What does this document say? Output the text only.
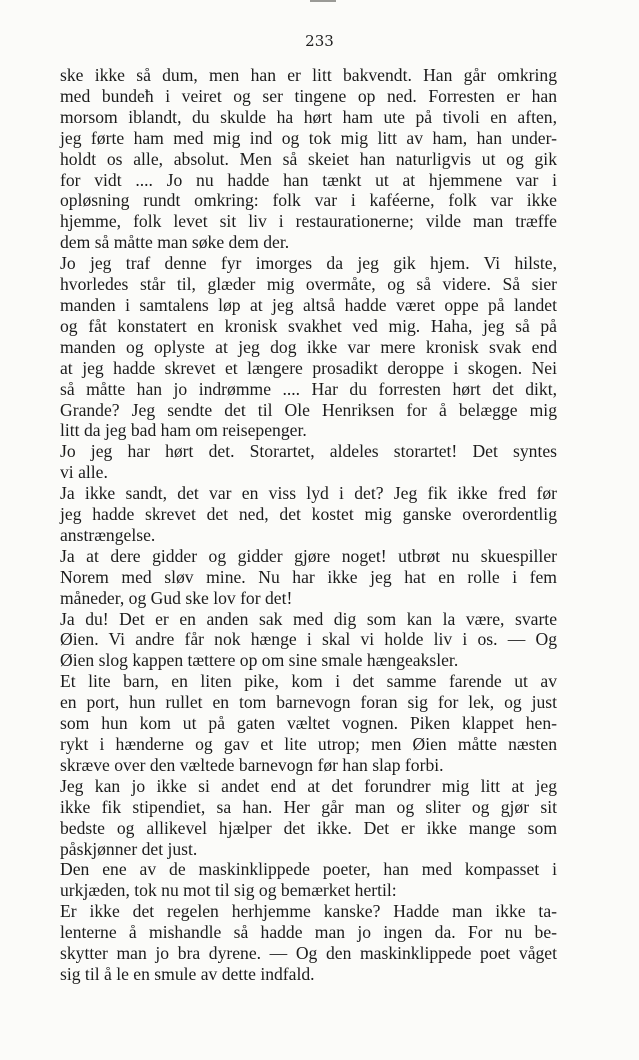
233

ske ikke så dum, men han er litt bakvendt. Han går omkring
med bundeħ i veiret og ser tingene op ned. Forresten er han
morsom iblandt, du skulde ha hørt ham ute på tivoli en aften,
jeg førte ham med mig ind og tok mig litt av ham, han under-
holdt os alle, absolut. Men så skeiet han naturligvis ut og gik
for vidt .... Jo nu hadde han tænkt ut at hjemmene var i
opløsning rundt omkring: folk var i kaféerne, folk var ikke
hjemme, folk levet sit liv i restaurationerne; vilde man træffe
dem så måtte man søke dem der.

Jo jeg traf denne fyr imorges da jeg gik hjem. Vi hilste,
hvorledes står til, glæder mig overmåte, og så videre. Så sier
manden i samtalens løp at jeg altså hadde været oppe på landet
og fåt konstatert en kronisk svakhet ved mig. Haha, jeg så på
manden og oplyste at jeg dog ikke var mere kronisk svak end
at jeg hadde skrevet et længere prosadikt deroppe i skogen. Nei
så måtte han jo indrømme .... Har du forresten hørt det dikt,
Grande? Jeg sendte det til Ole Henriksen for å belægge mig
litt da jeg bad ham om reisepenger.

Jo jeg har hørt det. Storartet, aldeles storartet! Det syntes
vi alle.

Ja ikke sandt, det var en viss lyd i det? Jeg fik ikke fred før
jeg hadde skrevet det ned, det kostet mig ganske overordentlig
anstrængelse.

Ja at dere gidder og gidder gjøre noget! utbrøt nu skuespiller
Norem med sløv mine. Nu har ikke jeg hat en rolle i fem
måneder, og Gud ske lov for det!

Ja du! Det er en anden sak med dig som kan la være, svarte
Øien. Vi andre får nok hænge i skal vi holde liv i os. — Og
Øien slog kappen tættere op om sine smale hængeaksler.

Et lite barn, en liten pike, kom i det samme farende ut av
en port, hun rullet en tom barnevogn foran sig for lek, og just
som hun kom ut på gaten væltet vognen. Piken klappet hen-
rykt i hænderne og gav et lite utrop; men Øien måtte næsten
skræve over den væltede barnevogn før han slap forbi.

Jeg kan jo ikke si andet end at det forundrer mig litt at jeg
ikke fik stipendiet, sa han. Her går man og sliter og gjør sit
bedste og allikevel hjælper det ikke. Det er ikke mange som
påskjønner det just.

Den ene av de maskinklippede poeter, han med kompasset i
urkjæden, tok nu mot til sig og bemærket hertil:

Er ikke det regelen herhjemme kanske? Hadde man ikke ta-
lenterne å mishandle så hadde man jo ingen da. For nu be-
skytter man jo bra dyrene. — Og den maskinklippede poet våget
sig til å le en smule av dette indfald.
